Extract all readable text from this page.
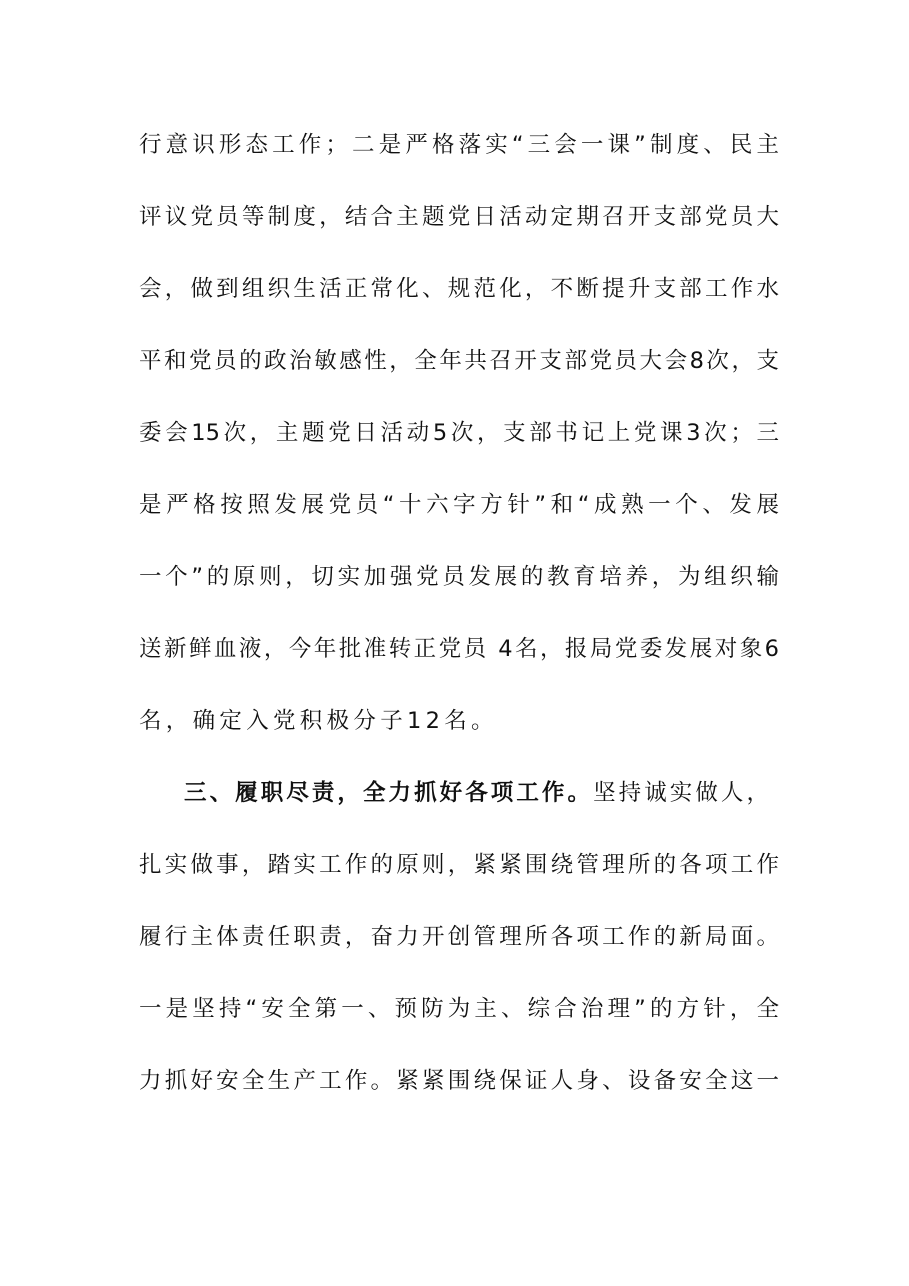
行意识形态工作；二是严格落实“三会一课”制度、民主
评议党员等制度，结合主题党日活动定期召开支部党员大
会，做到组织生活正常化、规范化，不断提升支部工作水
平和党员的政治敏感性，全年共召开支部党员大会8次，支
委会15次，主题党日活动5次，支部书记上党课3次；三
是严格按照发展党员“十六字方针”和“成熟一个、发展
一个”的原则，切实加强党员发展的教育培养，为组织输
送新鲜血液，今年批准转正党员 4名，报局党委发展对象6
名，确定入党积极分子12名。
三、履职尽责，全力抓好各项工作。坚持诚实做人，
扎实做事，踏实工作的原则，紧紧围绕管理所的各项工作
履行主体责任职责，奋力开创管理所各项工作的新局面。
一是坚持“安全第一、预防为主、综合治理”的方针，全
力抓好安全生产工作。紧紧围绕保证人身、设备安全这一
